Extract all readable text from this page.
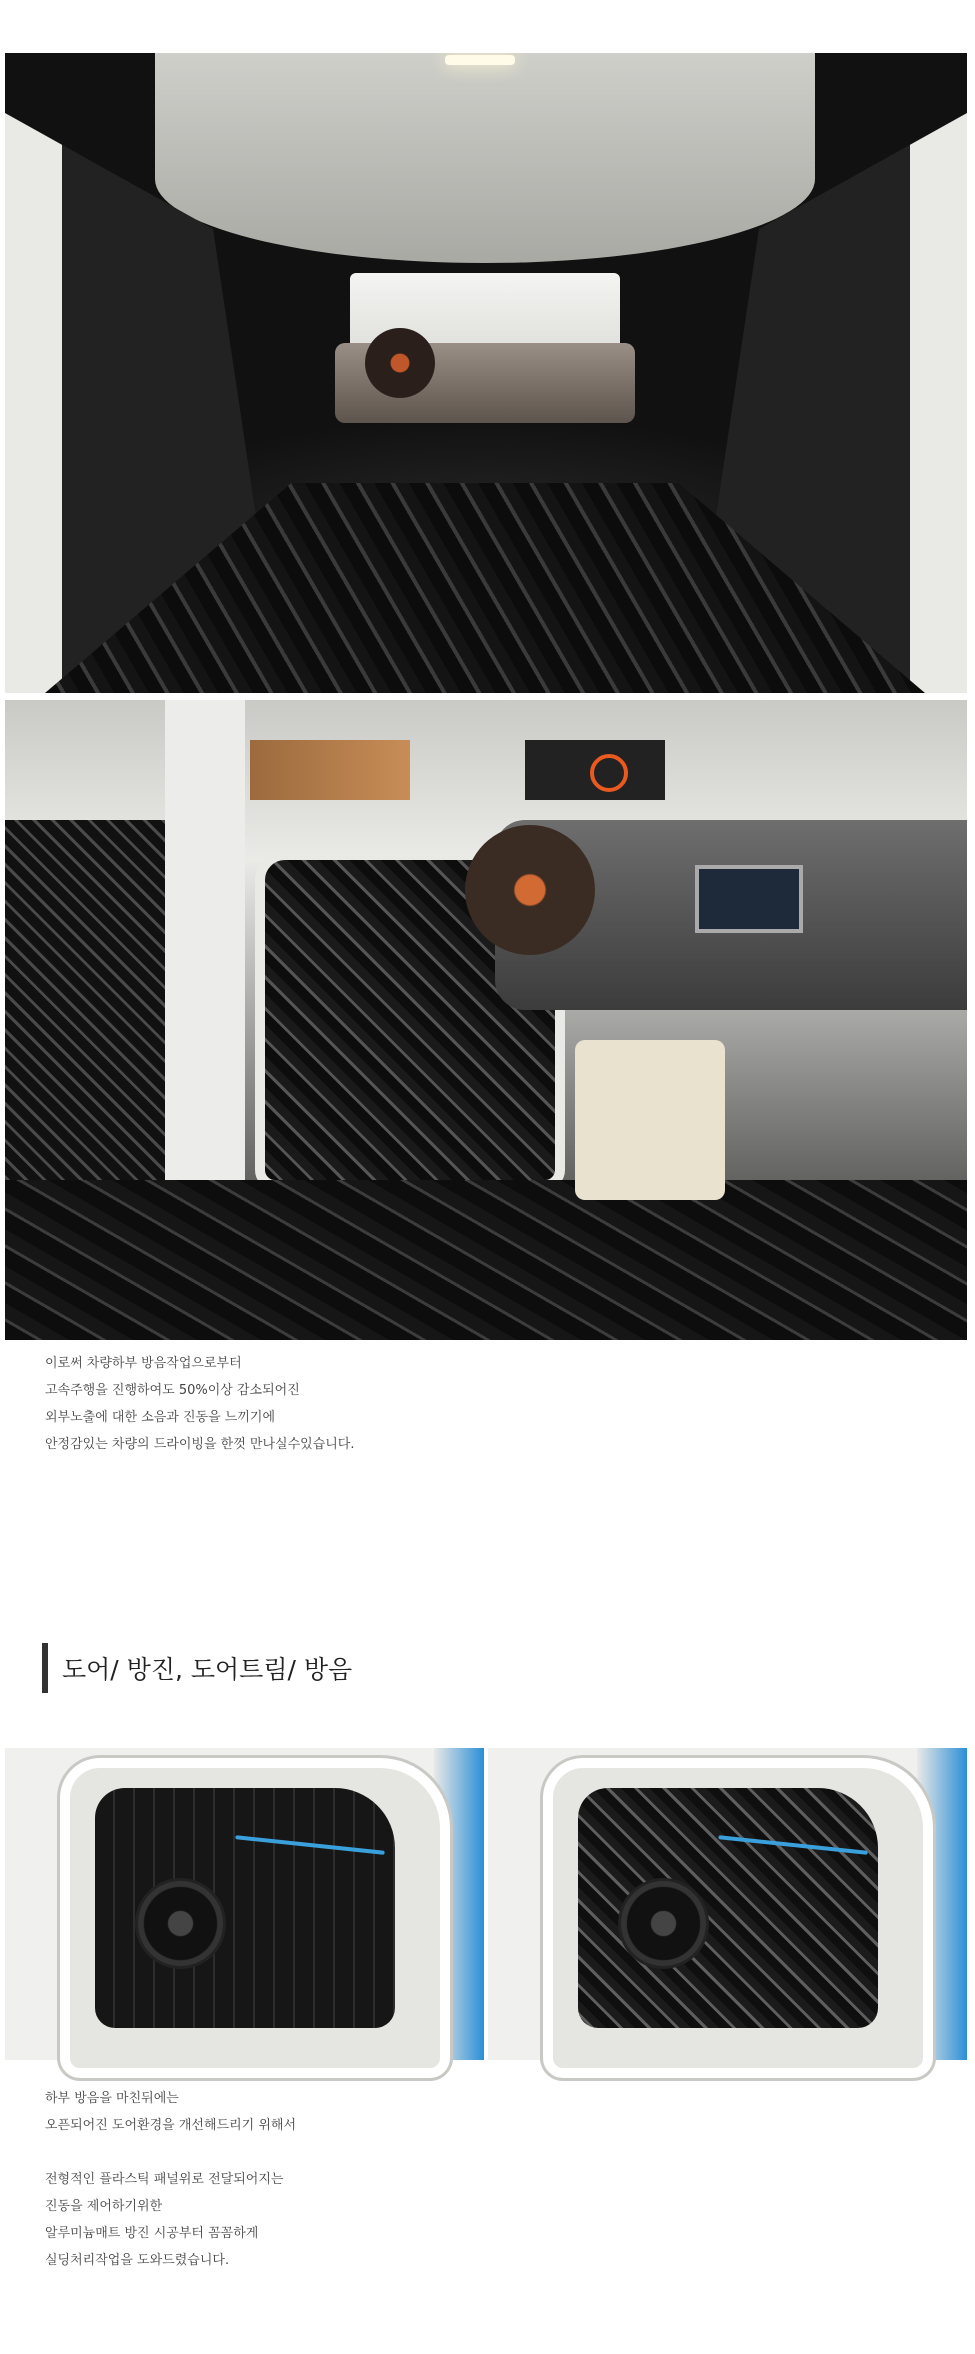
이로써 차량하부 방음작업으로부터

고속주행을 진행하여도 50%이상 감소되어진

외부노출에 대한 소음과 진동을 느끼기에

안정감있는 차량의 드라이빙을 한껏 만나실수있습니다.

도어/ 방진, 도어트림/ 방음

하부 방음을 마친뒤에는

오픈되어진 도어환경을 개선해드리기 위해서

전형적인 플라스틱 패널위로 전달되어지는

진동을 제어하기위한

알루미늄매트 방진 시공부터 꼼꼼하게

실딩처리작업을 도와드렸습니다.
